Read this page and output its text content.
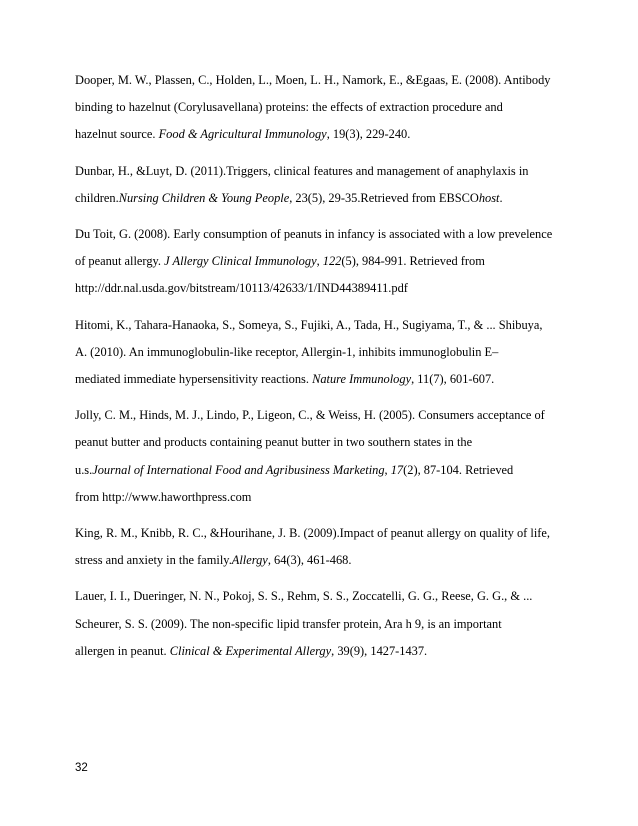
Dooper, M. W., Plassen, C., Holden, L., Moen, L. H., Namork, E., &Egaas, E. (2008). Antibody
binding to hazelnut (Corylusavellana) proteins: the effects of extraction procedure and
hazelnut source. Food & Agricultural Immunology, 19(3), 229-240.

Dunbar, H., &Luyt, D. (2011).Triggers, clinical features and management of anaphylaxis in
children.Nursing Children & Young People, 23(5), 29-35.Retrieved from EBSCOhost.

Du Toit, G. (2008). Early consumption of peanuts in infancy is associated with a low prevelence
of peanut allergy. J Allergy Clinical Immunology, 122(5), 984-991. Retrieved from
http://ddr.nal.usda.gov/bitstream/10113/42633/1/IND44389411.pdf

Hitomi, K., Tahara-Hanaoka, S., Someya, S., Fujiki, A., Tada, H., Sugiyama, T., & ... Shibuya,
A. (2010). An immunoglobulin-like receptor, Allergin-1, inhibits immunoglobulin E–
mediated immediate hypersensitivity reactions. Nature Immunology, 11(7), 601-607.

Jolly, C. M., Hinds, M. J., Lindo, P., Ligeon, C., & Weiss, H. (2005). Consumers acceptance of
peanut butter and products containing peanut butter in two southern states in the
u.s.Journal of International Food and Agribusiness Marketing, 17(2), 87-104. Retrieved
from http://www.haworthpress.com

King, R. M., Knibb, R. C., &Hourihane, J. B. (2009).Impact of peanut allergy on quality of life,
stress and anxiety in the family.Allergy, 64(3), 461-468.

Lauer, I. I., Dueringer, N. N., Pokoj, S. S., Rehm, S. S., Zoccatelli, G. G., Reese, G. G., & ...
Scheurer, S. S. (2009). The non-specific lipid transfer protein, Ara h 9, is an important
allergen in peanut. Clinical & Experimental Allergy, 39(9), 1427-1437.

32
